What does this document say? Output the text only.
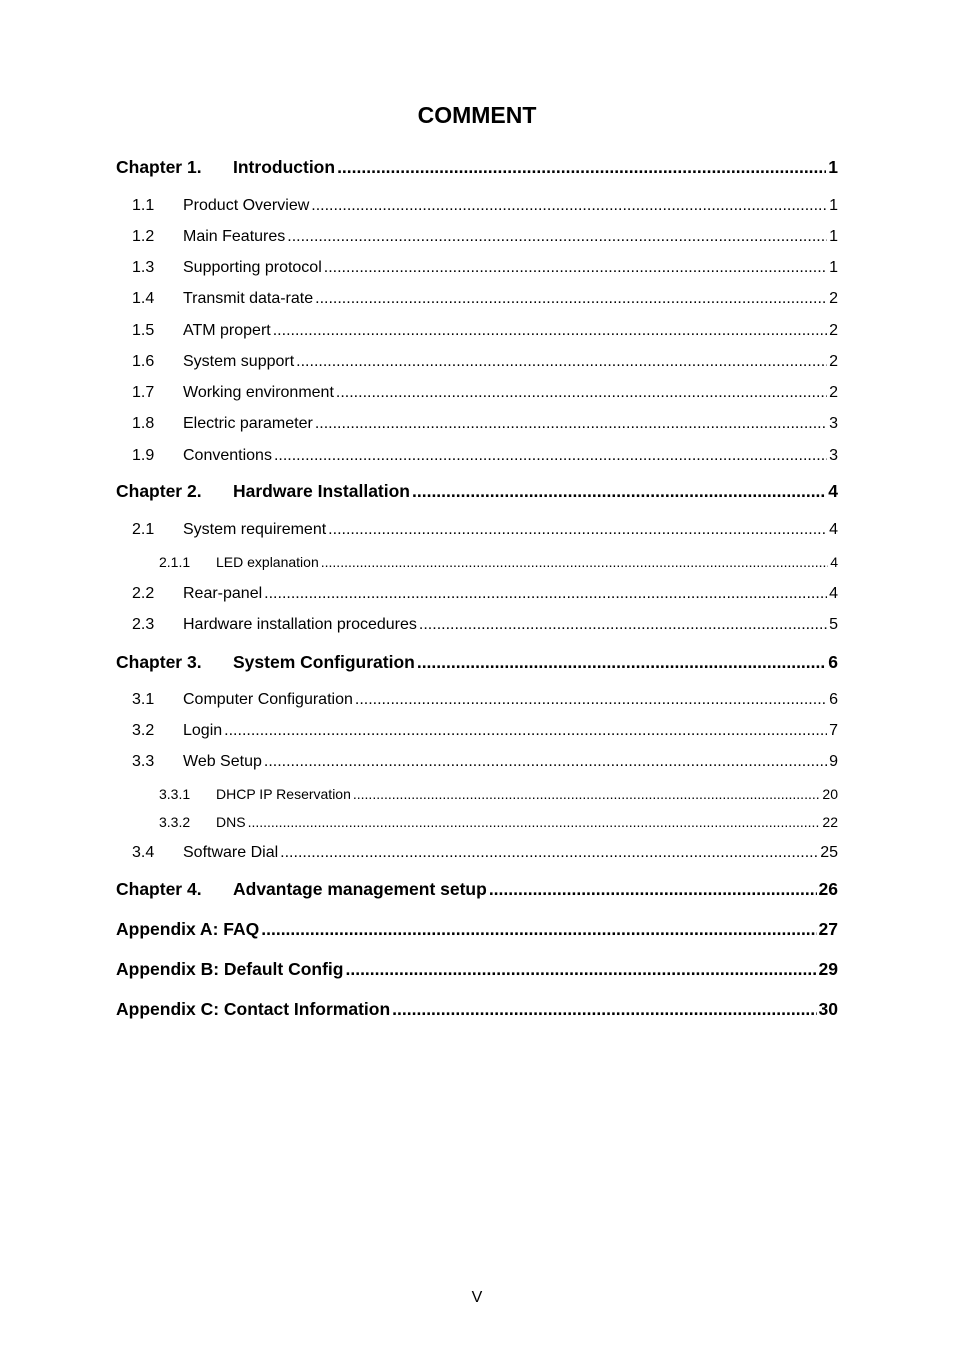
COMMENT
Chapter 1.	Introduction .....	1
1.1	Product Overview .....	1
1.2	Main Features .....	1
1.3	Supporting protocol .....	1
1.4	Transmit data-rate .....	2
1.5	ATM propert .....	2
1.6	System support .....	2
1.7	Working environment .....	2
1.8	Electric parameter .....	3
1.9	Conventions .....	3
Chapter 2.	Hardware Installation .....	4
2.1	System requirement .....	4
2.1.1	LED explanation .....	4
2.2	Rear-panel .....	4
2.3	Hardware installation procedures .....	5
Chapter 3.	System Configuration .....	6
3.1	Computer Configuration .....	6
3.2	Login .....	7
3.3	Web Setup .....	9
3.3.1	DHCP IP Reservation .....	20
3.3.2	DNS .....	22
3.4	Software Dial .....	25
Chapter 4.	Advantage management setup .....	26
Appendix A: FAQ .....	27
Appendix B: Default Config .....	29
Appendix C: Contact Information .....	30
V
